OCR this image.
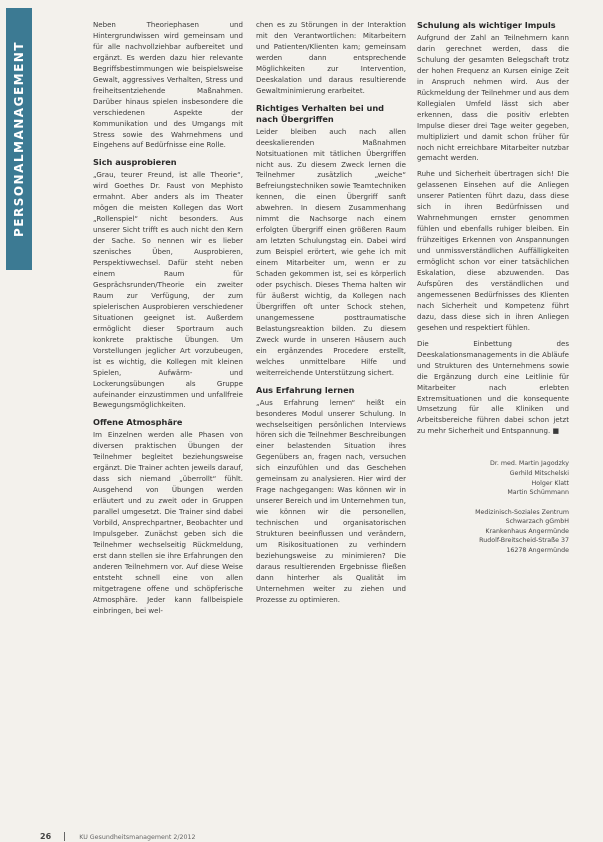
PERSONALMANAGEMENT

Neben Theoriephasen und Hintergrundwissen wird gemeinsam und für alle nachvollziehbar aufbereitet und ergänzt. Es werden dazu hier relevante Begriffsbestimmungen wie beispielsweise Gewalt, aggressives Verhalten, Stress und freiheitsentziehende Maßnahmen. Darüber hinaus spielen insbesondere die verschiedenen Aspekte der Kommunikation und des Umgangs mit Stress sowie des Wahrnehmens und Eingehens auf Bedürfnisse eine Rolle.

Sich ausprobieren

„Grau, teurer Freund, ist alle Theorie“, wird Goethes Dr. Faust von Mephisto ermahnt. Aber anders als im Theater mögen die meisten Kollegen das Wort „Rollenspiel“ nicht besonders. Aus unserer Sicht trifft es auch nicht den Kern der Sache. So nennen wir es lieber szenisches Üben, Ausprobieren, Perspektivwechsel. Dafür steht neben einem Raum für Gesprächsrunden/Theorie ein zweiter Raum zur Verfügung, der zum spielerischen Ausprobieren verschiedener Situationen geeignet ist. Außerdem ermöglicht dieser Sportraum auch konkrete praktische Übungen. Um Vorstellungen jeglicher Art vorzubeugen, ist es wichtig, die Kollegen mit kleinen Spielen, Aufwärm- und Lockerungsübungen als Gruppe aufeinander einzustimmen und unfallfreie Bewegungsmöglichkeiten.

Offene Atmosphäre

Im Einzelnen werden alle Phasen von diversen praktischen Übungen der Teilnehmer begleitet beziehungsweise ergänzt. Die Trainer achten jeweils darauf, dass sich niemand „überrollt“ fühlt. Ausgehend von Übungen werden erläutert und zu zweit oder in Gruppen parallel umgesetzt. Die Trainer sind dabei Vorbild, Ansprechpartner, Beobachter und Impulsgeber. Zunächst geben sich die Teilnehmer wechselseitig Rückmeldung, erst dann stellen sie ihre Erfahrungen den anderen Teilnehmern vor. Auf diese Weise entsteht schnell eine von allen mitgetragene offene und schöpferische Atmosphäre. Jeder kann fallbeispiele einbringen, bei wel-

chen es zu Störungen in der Interaktion mit den Verantwortlichen: Mitarbeitern und Patienten/Klienten kam; gemeinsam werden dann entsprechende Möglichkeiten zur Intervention, Deeskalation und daraus resultierende Gewaltminimierung erarbeitet.

Richtiges Verhalten bei und nach Übergriffen

Leider bleiben auch nach allen deeskalierenden Maßnahmen Notsituationen mit tätlichen Übergriffen nicht aus. Zu diesem Zweck lernen die Teilnehmer zusätzlich „weiche“ Befreiungstechniken sowie Teamtechniken kennen, die einen Übergriff sanft abwehren. In diesem Zusammenhang nimmt die Nachsorge nach einem erfolgten Übergriff einen größeren Raum am letzten Schulungstag ein. Dabei wird zum Beispiel erörtert, wie gehe ich mit einem Mitarbeiter um, wenn er zu Schaden gekommen ist, sei es körperlich oder psychisch. Dieses Thema halten wir für äußerst wichtig, da Kollegen nach Übergriffen oft unter Schock stehen, unangemessene posttraumatische Belastungsreaktion bilden. Zu diesem Zweck wurde in unseren Häusern auch ein ergänzendes Procedere erstellt, welches unmittelbare Hilfe und weiterreichende Unterstützung sichert.

Aus Erfahrung lernen

„Aus Erfahrung lernen“ heißt ein besonderes Modul unserer Schulung. In wechselseitigen persönlichen Interviews hören sich die Teilnehmer Beschreibungen einer belastenden Situation ihres Gegenübers an, fragen nach, versuchen sich einzufühlen und das Geschehen gemeinsam zu analysieren. Hier wird der Frage nachgegangen: Was können wir in unserer Bereich und im Unternehmen tun, wie können wir die personellen, technischen und organisatorischen Strukturen beeinflussen und verändern, um Risikosituationen zu verhindern beziehungsweise zu minimieren? Die daraus resultierenden Ergebnisse fließen dann hinterher als Qualität im Unternehmen weiter zu ziehen und Prozesse zu optimieren.

Schulung als wichtiger Impuls

Aufgrund der Zahl an Teilnehmern kann darin gerechnet werden, dass die Schulung der gesamten Belegschaft trotz der hohen Frequenz an Kursen einige Zeit in Anspruch nehmen wird. Aus der Rückmeldung der Teilnehmer und aus dem Kollegialen Umfeld lässt sich aber erkennen, dass die positiv erlebten Impulse dieser drei Tage weiter gegeben, multipliziert und damit schon früher für noch nicht erreichbare Mitarbeiter nutzbar gemacht werden.

Ruhe und Sicherheit übertragen sich! Die gelassenen Einsehen auf die Anliegen unserer Patienten führt dazu, dass diese sich in ihren Bedürfnissen und Wahrnehmungen ernster genommen fühlen und ebenfalls ruhiger bleiben. Ein frühzeitiges Erkennen von Anspannungen und unmissverständlichen Auffälligkeiten ermöglicht schon vor einer tatsächlichen Eskalation, diese abzuwenden. Das Aufspüren des verständlichen und angemessenen Bedürfnisses des Klienten nach Sicherheit und Kompetenz führt dazu, dass diese sich in ihren Anliegen gesehen und respektiert fühlen.

Die Einbettung des Deeskalationsmanagements in die Abläufe und Strukturen des Unternehmens sowie die Ergänzung durch eine Leitlinie für Mitarbeiter nach erlebten Extremsituationen und die konsequente Umsetzung für alle Kliniken und Arbeitsbereiche führen dabei schon jetzt zu mehr Sicherheit und Entspannung. ■

Dr. med. Martin Jagodzky
Gerhild Mitschelski
Holger Klatt
Martin Schümmann
Medizinisch-Soziales Zentrum
Schwarzach gGmbH
Krankenhaus Angermünde
Rudolf-Breitscheid-Straße 37
16278 Angermünde
26	KU Gesundheitsmanagement 2/2012
